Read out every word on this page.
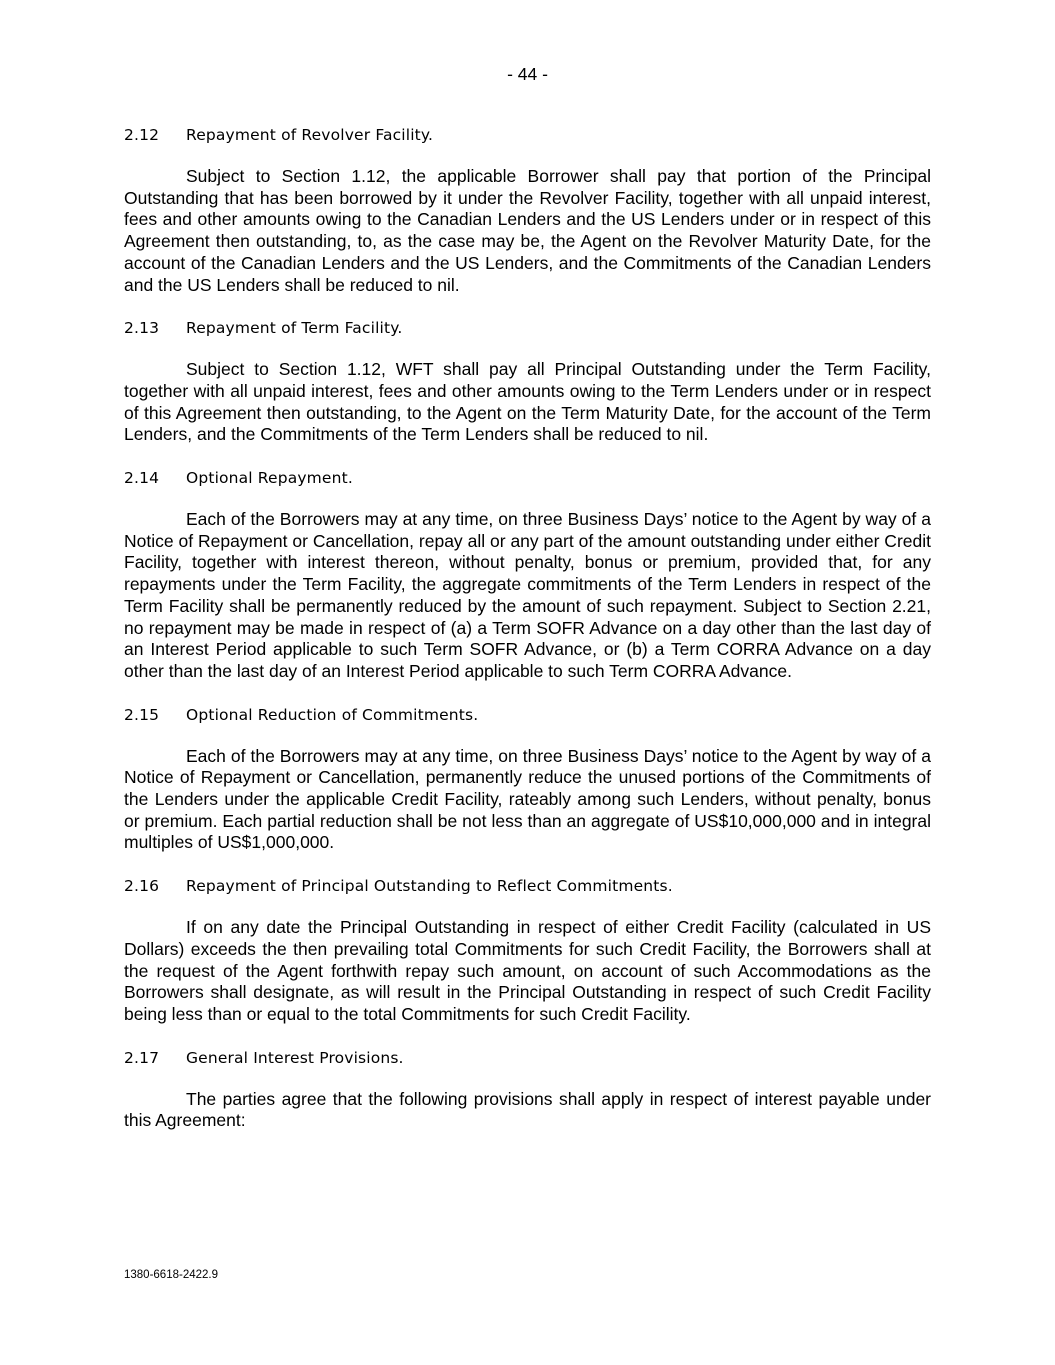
- 44 -
2.12 Repayment of Revolver Facility.

Subject to Section 1.12, the applicable Borrower shall pay that portion of the Principal Outstanding that has been borrowed by it under the Revolver Facility, together with all unpaid interest, fees and other amounts owing to the Canadian Lenders and the US Lenders under or in respect of this Agreement then outstanding, to, as the case may be, the Agent on the Revolver Maturity Date, for the account of the Canadian Lenders and the US Lenders, and the Commitments of the Canadian Lenders and the US Lenders shall be reduced to nil.

2.13 Repayment of Term Facility.

Subject to Section 1.12, WFT shall pay all Principal Outstanding under the Term Facility, together with all unpaid interest, fees and other amounts owing to the Term Lenders under or in respect of this Agreement then outstanding, to the Agent on the Term Maturity Date, for the account of the Term Lenders, and the Commitments of the Term Lenders shall be reduced to nil.

2.14 Optional Repayment.

Each of the Borrowers may at any time, on three Business Days’ notice to the Agent by way of a Notice of Repayment or Cancellation, repay all or any part of the amount outstanding under either Credit Facility, together with interest thereon, without penalty, bonus or premium, provided that, for any repayments under the Term Facility, the aggregate commitments of the Term Lenders in respect of the Term Facility shall be permanently reduced by the amount of such repayment. Subject to Section 2.21, no repayment may be made in respect of (a) a Term SOFR Advance on a day other than the last day of an Interest Period applicable to such Term SOFR Advance, or (b) a Term CORRA Advance on a day other than the last day of an Interest Period applicable to such Term CORRA Advance.

2.15 Optional Reduction of Commitments.

Each of the Borrowers may at any time, on three Business Days’ notice to the Agent by way of a Notice of Repayment or Cancellation, permanently reduce the unused portions of the Commitments of the Lenders under the applicable Credit Facility, rateably among such Lenders, without penalty, bonus or premium. Each partial reduction shall be not less than an aggregate of US$10,000,000 and in integral multiples of US$1,000,000.

2.16 Repayment of Principal Outstanding to Reflect Commitments.

If on any date the Principal Outstanding in respect of either Credit Facility (calculated in US Dollars) exceeds the then prevailing total Commitments for such Credit Facility, the Borrowers shall at the request of the Agent forthwith repay such amount, on account of such Accommodations as the Borrowers shall designate, as will result in the Principal Outstanding in respect of such Credit Facility being less than or equal to the total Commitments for such Credit Facility.

2.17 General Interest Provisions.

The parties agree that the following provisions shall apply in respect of interest payable under this Agreement:

1380-6618-2422.9
